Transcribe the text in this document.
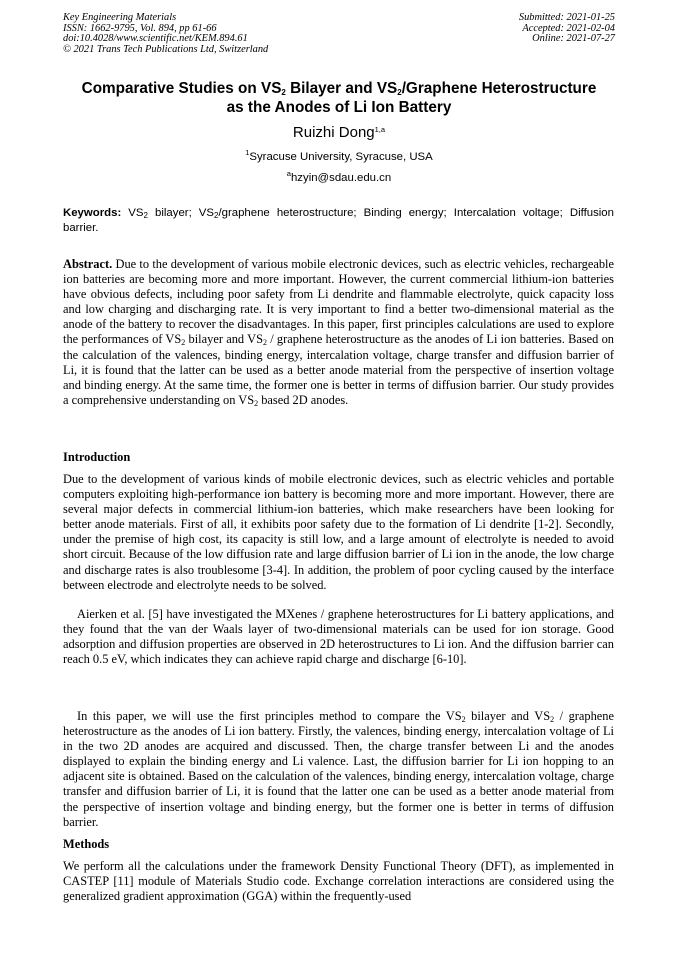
Key Engineering Materials
ISSN: 1662-9795, Vol. 894, pp 61-66
doi:10.4028/www.scientific.net/KEM.894.61
© 2021 Trans Tech Publications Ltd, Switzerland
Submitted: 2021-01-25
Accepted: 2021-02-04
Online: 2021-07-27
Comparative Studies on $VS_2$ Bilayer and $VS_2$/Graphene Heterostructure
as the Anodes of Li Ion Battery
Ruizhi Dong$^{1,a}$
$^1$Syracuse University, Syracuse, USA
$^a$hzyin@sdau.edu.cn
Keywords: $VS_2$ bilayer; $VS_2$/graphene heterostructure; Binding energy; Intercalation voltage; Diffusion barrier.
Abstract. Due to the development of various mobile electronic devices, such as electric vehicles, rechargeable ion batteries are becoming more and more important. However, the current commercial lithium-ion batteries have obvious defects, including poor safety from Li dendrite and flammable electrolyte, quick capacity loss and low charging and discharging rate. It is very important to find a better two-dimensional material as the anode of the battery to recover the disadvantages. In this paper, first principles calculations are used to explore the performances of $VS_2$ bilayer and $VS_2$ / graphene heterostructure as the anodes of Li ion batteries. Based on the calculation of the valences, binding energy, intercalation voltage, charge transfer and diffusion barrier of Li, it is found that the latter can be used as a better anode material from the perspective of insertion voltage and binding energy. At the same time, the former one is better in terms of diffusion barrier. Our study provides a comprehensive understanding on $VS_2$ based 2D anodes.
Introduction
Due to the development of various kinds of mobile electronic devices, such as electric vehicles and portable computers exploiting high-performance ion battery is becoming more and more important. However, there are several major defects in commercial lithium-ion batteries, which make researchers have been looking for better anode materials. First of all, it exhibits poor safety due to the formation of Li dendrite [1-2]. Secondly, under the premise of high cost, its capacity is still low, and a large amount of electrolyte is needed to avoid short circuit. Because of the low diffusion rate and large diffusion barrier of Li ion in the anode, the low charge and discharge rates is also troublesome [3-4]. In addition, the problem of poor cycling caused by the interface between electrode and electrolyte needs to be solved.
Aierken et al. [5] have investigated the MXenes / graphene heterostructures for Li battery applications, and they found that the van der Waals layer of two-dimensional materials can be used for ion storage. Good adsorption and diffusion properties are observed in 2D heterostructures to Li ion. And the diffusion barrier can reach 0.5 eV, which indicates they can achieve rapid charge and discharge [6-10].
In this paper, we will use the first principles method to compare the $VS_2$ bilayer and $VS_2$ / graphene heterostructure as the anodes of Li ion battery. Firstly, the valences, binding energy, intercalation voltage of Li in the two 2D anodes are acquired and discussed. Then, the charge transfer between Li and the anodes displayed to explain the binding energy and Li valence. Last, the diffusion barrier for Li ion hopping to an adjacent site is obtained. Based on the calculation of the valences, binding energy, intercalation voltage, charge transfer and diffusion barrier of Li, it is found that the latter one can be used as a better anode material from the perspective of insertion voltage and binding energy, but the former one is better in terms of diffusion barrier.
Methods
We perform all the calculations under the framework Density Functional Theory (DFT), as implemented in CASTEP [11] module of Materials Studio code. Exchange correlation interactions are considered using the generalized gradient approximation (GGA) within the frequently-used
